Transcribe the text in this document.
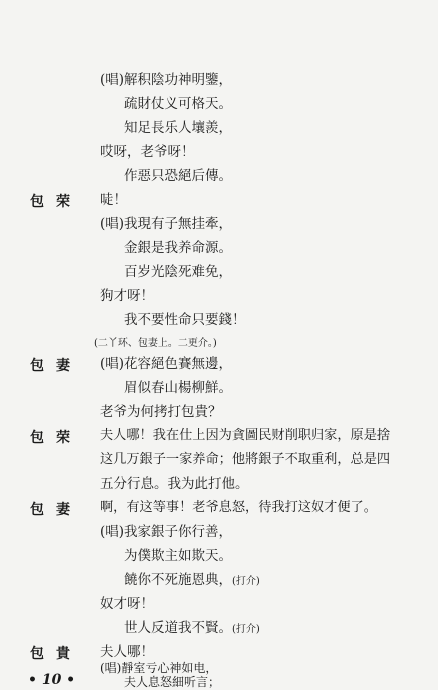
(唱)解积陰功神明鑒，
疏財仗义可格天。
知足長乐人壤羨，
哎呀，老爷呀！
作惡只恐絕后傳。
包荣 唗！
(唱)我現有子無挂牽，
金銀是我养命源。
百岁光陰死难免，
狗才呀！
我不要性命只要錢！
(二丫环、包妻上。二更介。)
包妻 (唱)花容絕色賽無邊，
眉似春山楊柳鮮。
老爷为何拷打包貴？
包荣 夫人哪！我在仕上因为貪圖民财削职归家，原是捨
这几万銀子一家养命；他將銀子不取重利，总是四
五分行息。我为此打他。
包妻 啊，有这等事！老爷息怒，待我打这奴才便了。
(唱)我家銀子你行善，
为僕欺主如欺天。
饒你不死施恩典，(打介)
奴才呀！
世人反道我不賢。(打介)
包貴 夫人哪！
(唱)靜室亏心神如电，
夫人息怒細听言；
• 10 •
